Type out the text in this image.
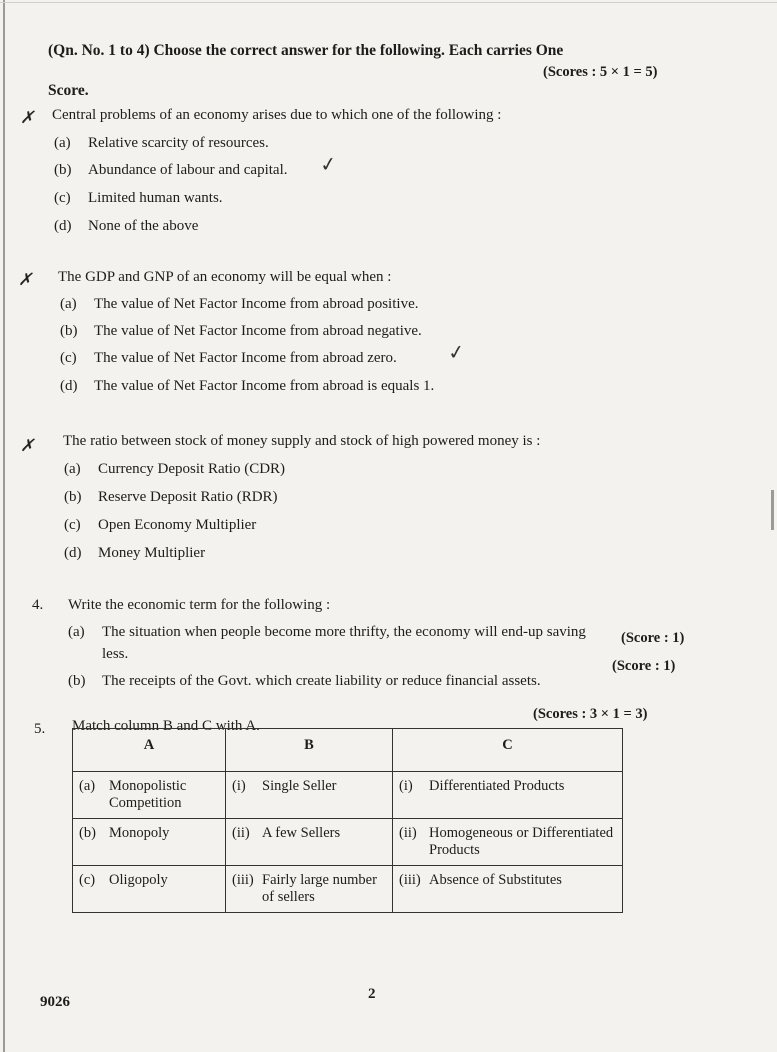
(Qn. No. 1 to 4) Choose the correct answer for the following. Each carries One
(Scores : 5 × 1 = 5)
Score.
✗ Central problems of an economy arises due to which one of the following :
(a) Relative scarcity of resources.
(b) Abundance of labour and capital. ✓
(c) Limited human wants.
(d) None of the above
✗ The GDP and GNP of an economy will be equal when :
(a) The value of Net Factor Income from abroad positive.
(b) The value of Net Factor Income from abroad negative.
(c) The value of Net Factor Income from abroad zero. ✓
(d) The value of Net Factor Income from abroad is equals 1.
✗ The ratio between stock of money supply and stock of high powered money is :
(a) Currency Deposit Ratio (CDR)
(b) Reserve Deposit Ratio (RDR)
(c) Open Economy Multiplier
(d) Money Multiplier
4. Write the economic term for the following :
(a) The situation when people become more thrifty, the economy will end-up saving (Score : 1)
less.
(b) The receipts of the Govt. which create liability or reduce financial assets.
(Score : 1)
(Scores : 3 × 1 = 3)
5. Match column B and C with A.
A	B	C

(a) Monopolistic Competition	(i) Single Seller	(i) Differentiated Products

(b) Monopoly	(ii) A few Sellers	(ii) Homogeneous or Differentiated Products

(c) Oligopoly	(iii) Fairly large number of sellers	(iii) Absence of Substitutes
9026	2
